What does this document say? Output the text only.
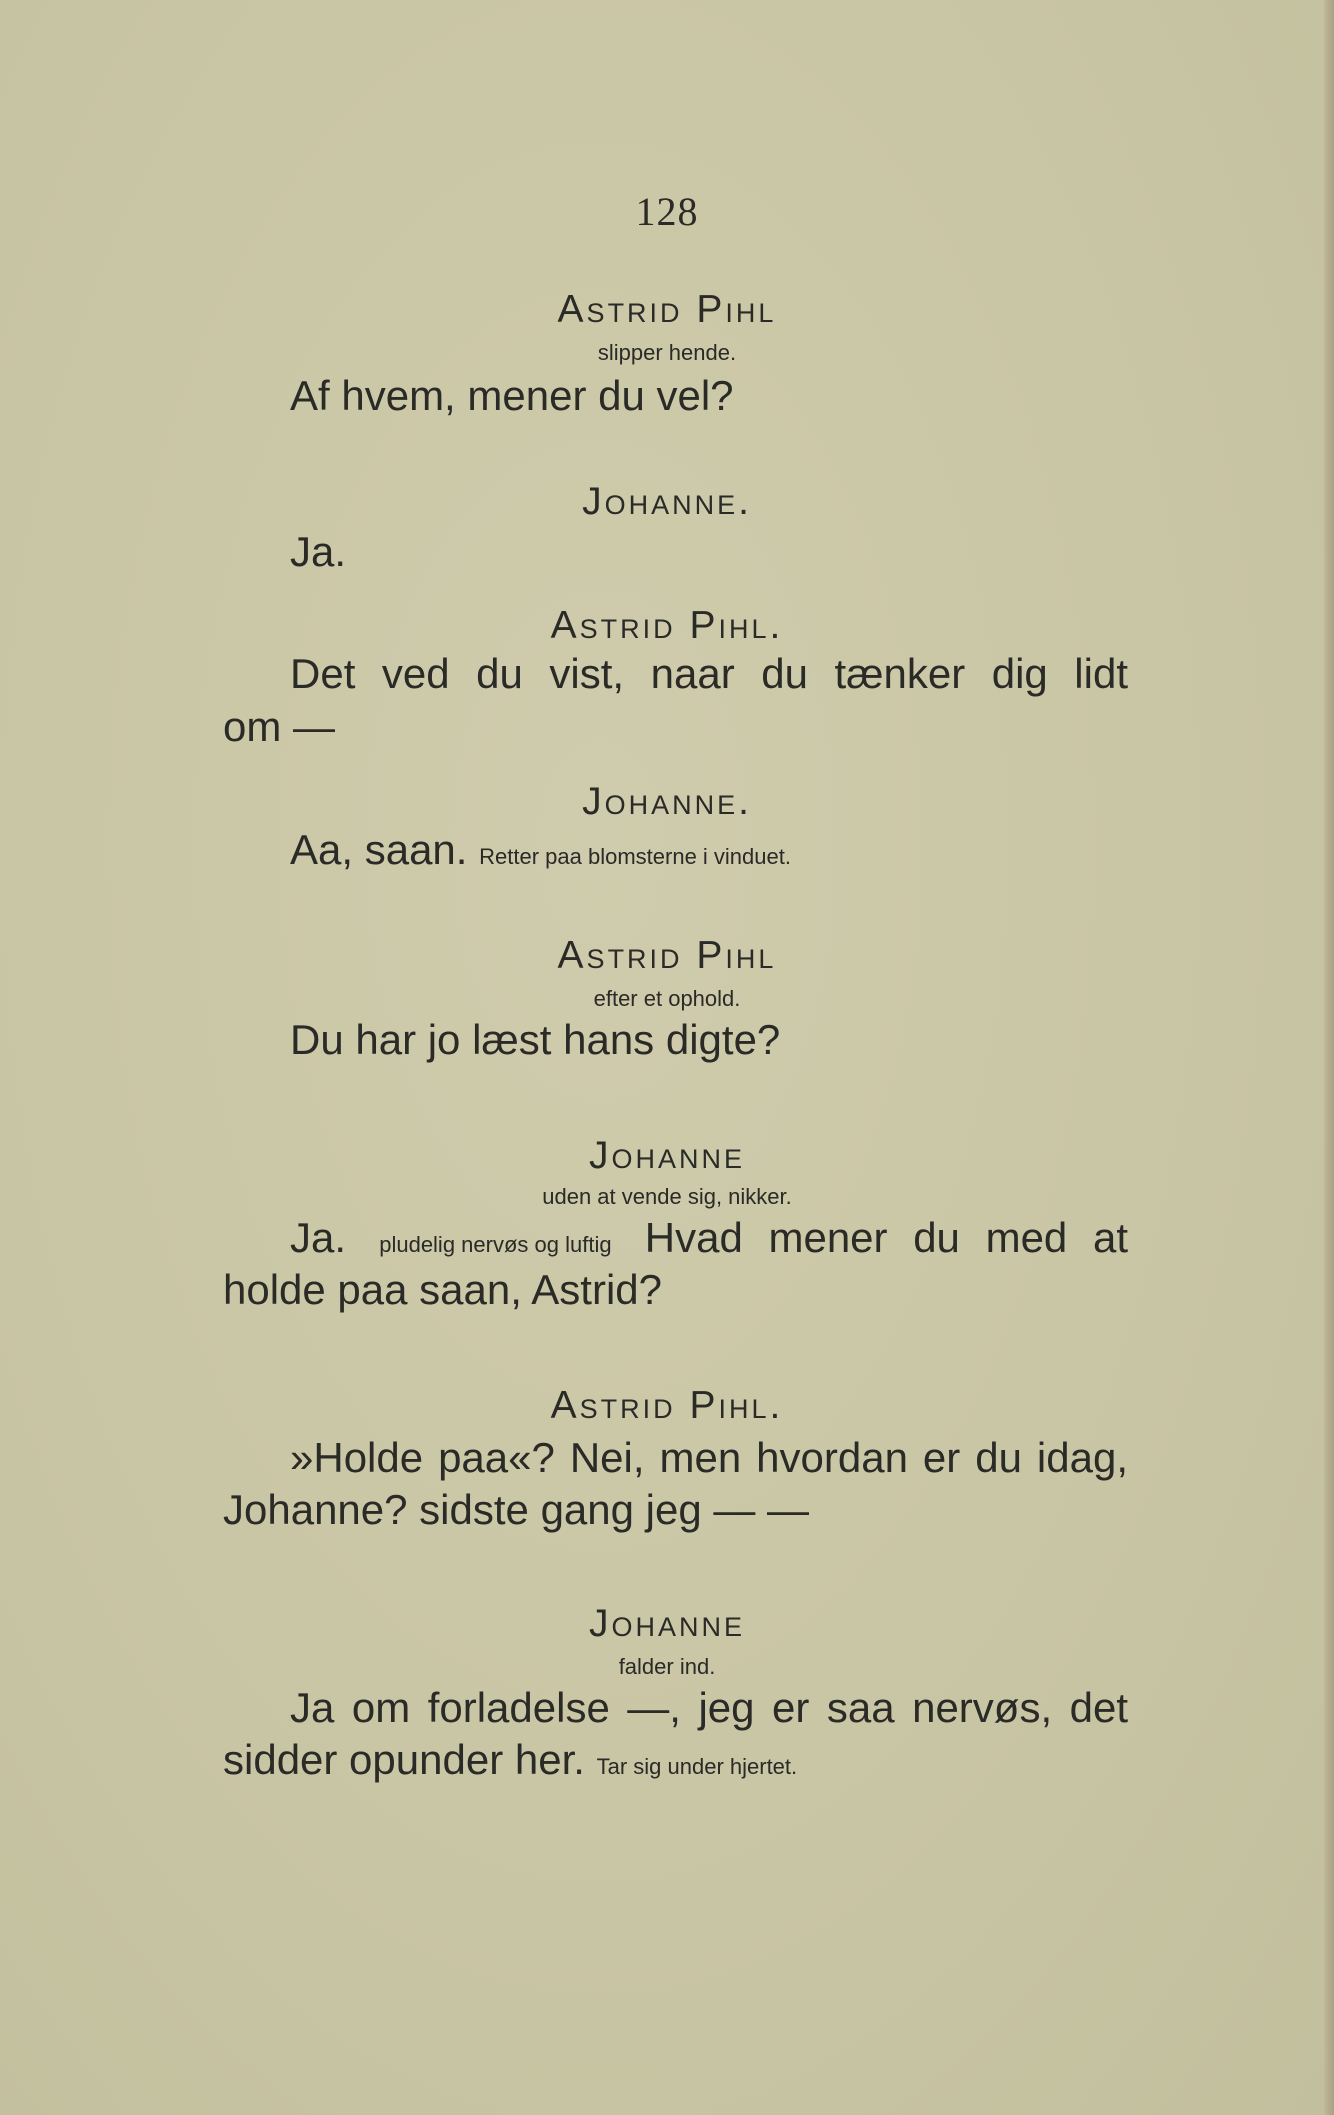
128
Astrid Pihl
slipper hende.
Af hvem, mener du vel?
Johanne.
Ja.
Astrid Pihl.
Det ved du vist, naar du tænker dig lidt
om —
Johanne.
Aa, saan. Retter paa blomsterne i vinduet.
Astrid Pihl
efter et ophold.
Du har jo læst hans digte?
Johanne
uden at vende sig, nikker.
Ja. pludelig nervøs og luftig Hvad mener du med at
holde paa saan, Astrid?
Astrid Pihl.
»Holde paa«? Nei, men hvordan er du idag,
Johanne? sidste gang jeg — —
Johanne
falder ind.
Ja om forladelse —, jeg er saa nervøs, det
sidder opunder her. Tar sig under hjertet.
